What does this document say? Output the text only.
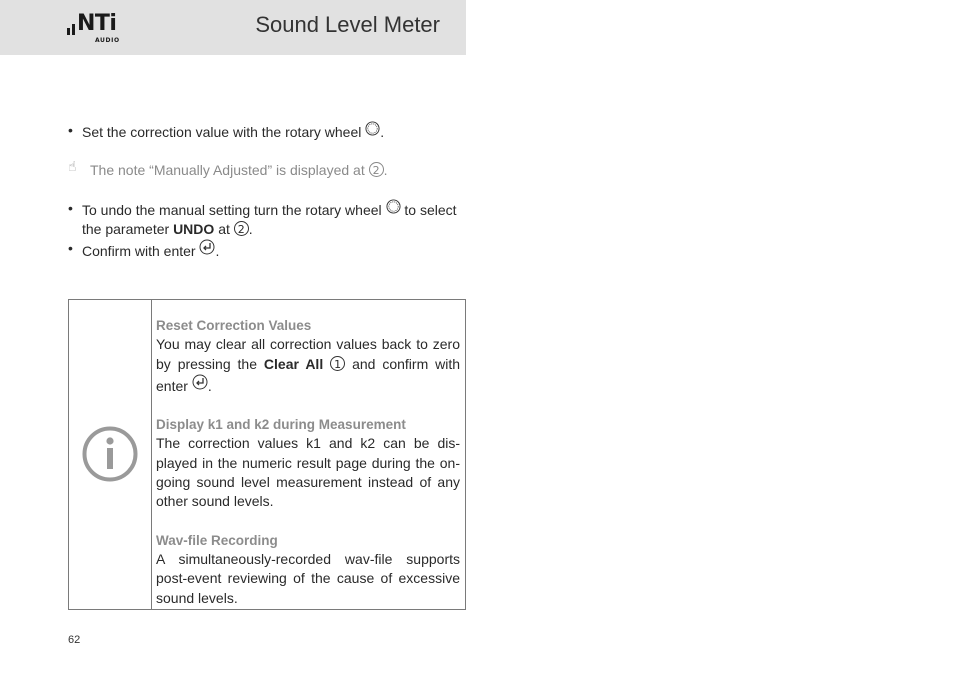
NTi
AUDIO
Sound Level Meter
• Set the correction value with the rotary wheel .
☝ The note “Manually Adjusted” is displayed at 2 .
• To undo the manual setting turn the rotary wheel to select the parameter UNDO at 2 .
• Confirm with enter .
Reset Correction Values
You may clear all correction values back to zero by pressing the Clear All 1 and confirm with enter .
Display k1 and k2 during Measurement
The correction values k1 and k2 can be dis-played in the numeric result page during the on-going sound level measurement instead of any other sound levels.
Wav-file Recording
A simultaneously-recorded wav-file supports post-event reviewing of the cause of excessive sound levels.
62
